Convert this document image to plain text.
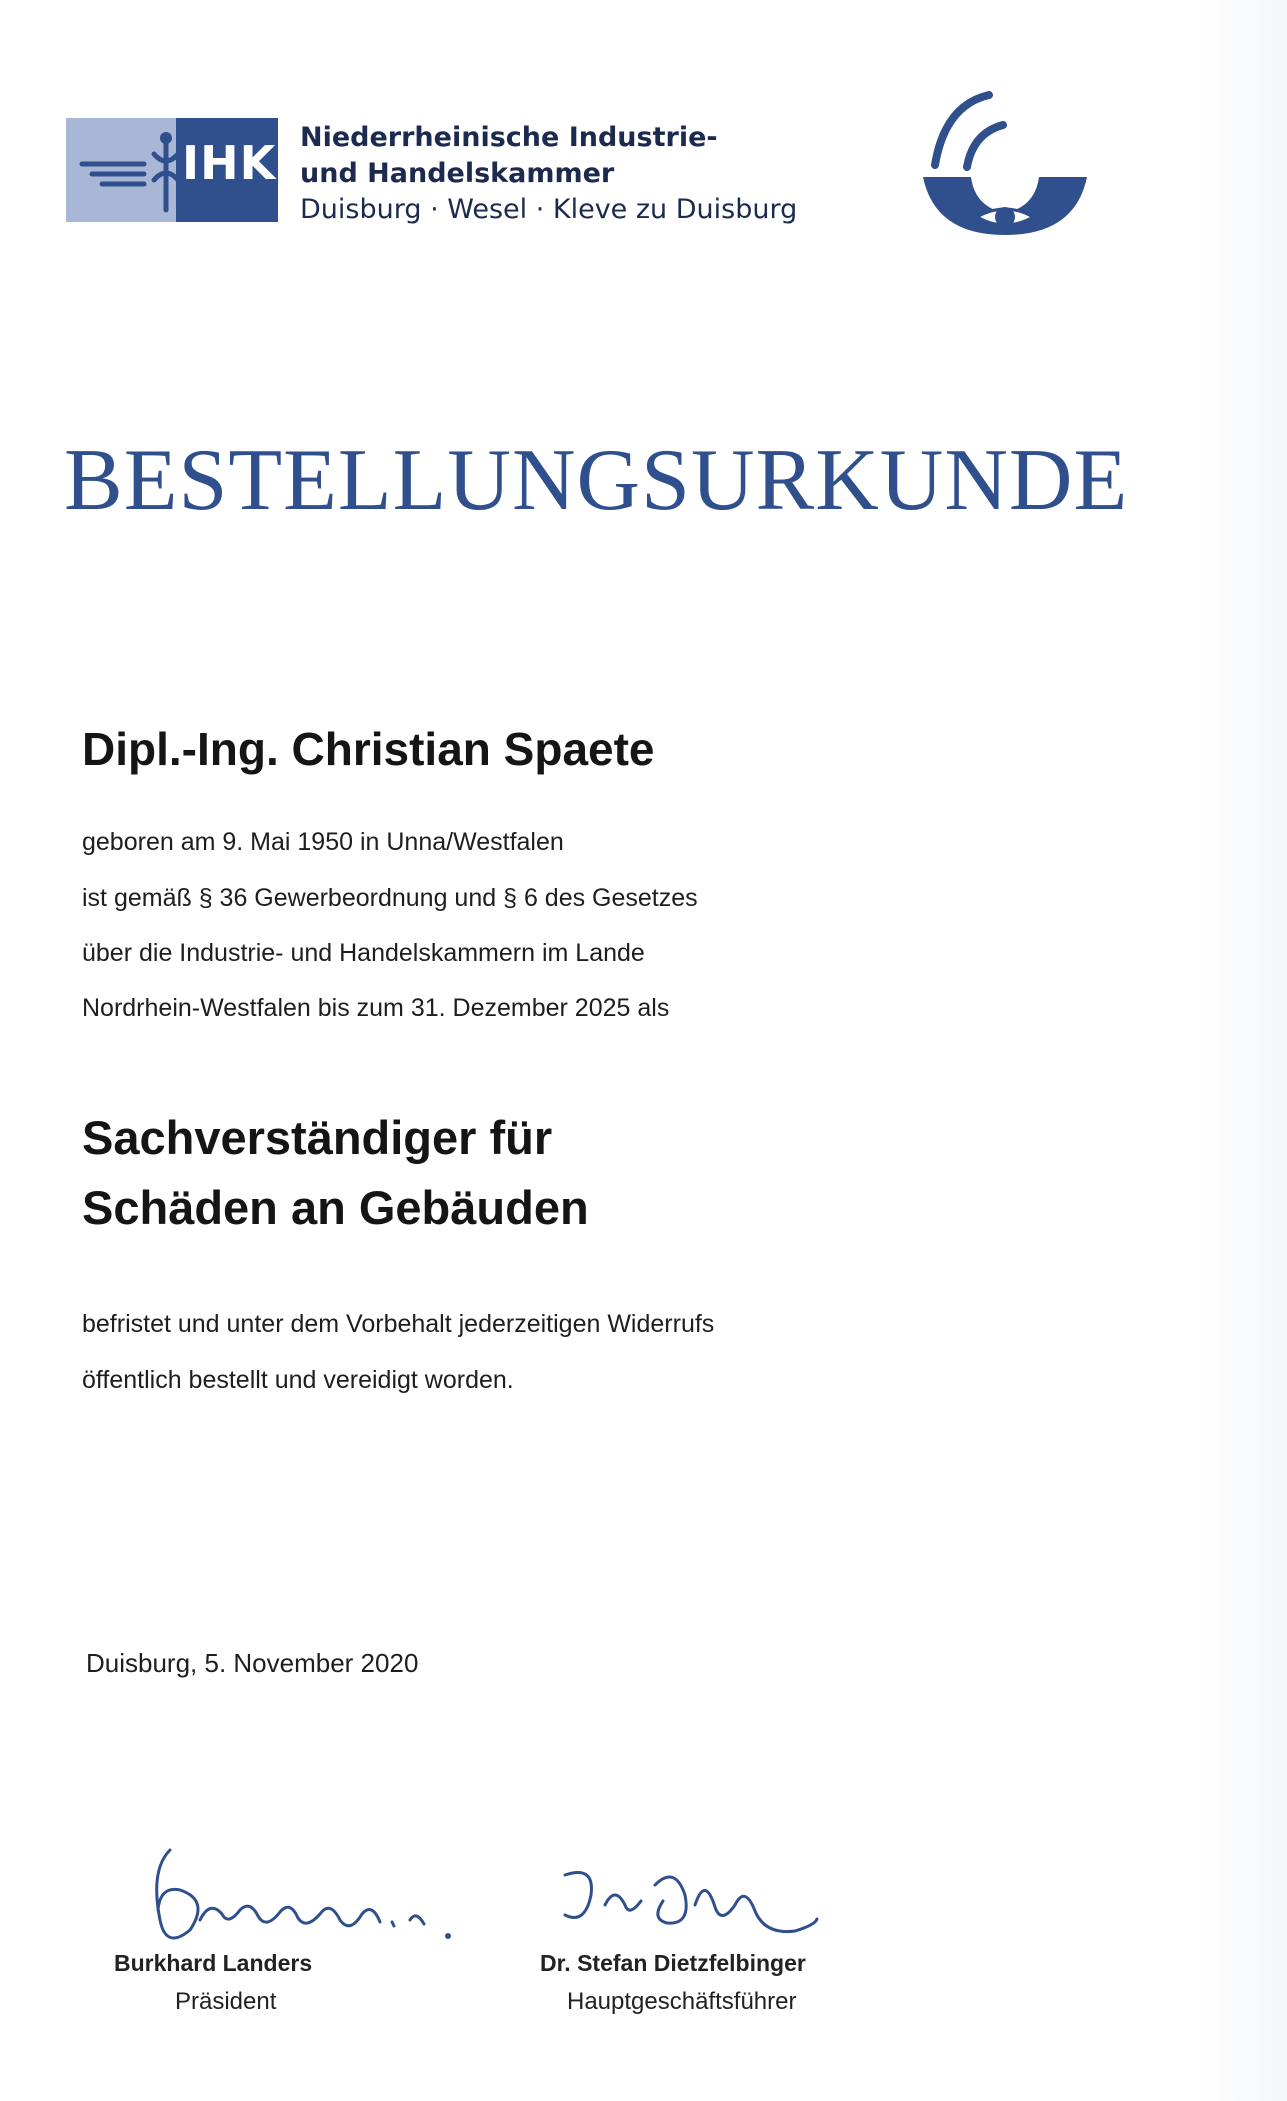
IHK Niederrheinische Industrie-
und Handelskammer
Duisburg · Wesel · Kleve zu Duisburg
BESTELLUNGSURKUNDE
Dipl.-Ing. Christian Spaete
geboren am 9. Mai 1950 in Unna/Westfalen
ist gemäß § 36 Gewerbeordnung und § 6 des Gesetzes
über die Industrie- und Handelskammern im Lande
Nordrhein-Westfalen bis zum 31. Dezember 2025 als
Sachverständiger für
Schäden an Gebäuden
befristet und unter dem Vorbehalt jederzeitigen Widerrufs
öffentlich bestellt und vereidigt worden.
Duisburg, 5. November 2020
Burkhard Landers
Präsident
Dr. Stefan Dietzfelbinger
Hauptgeschäftsführer
